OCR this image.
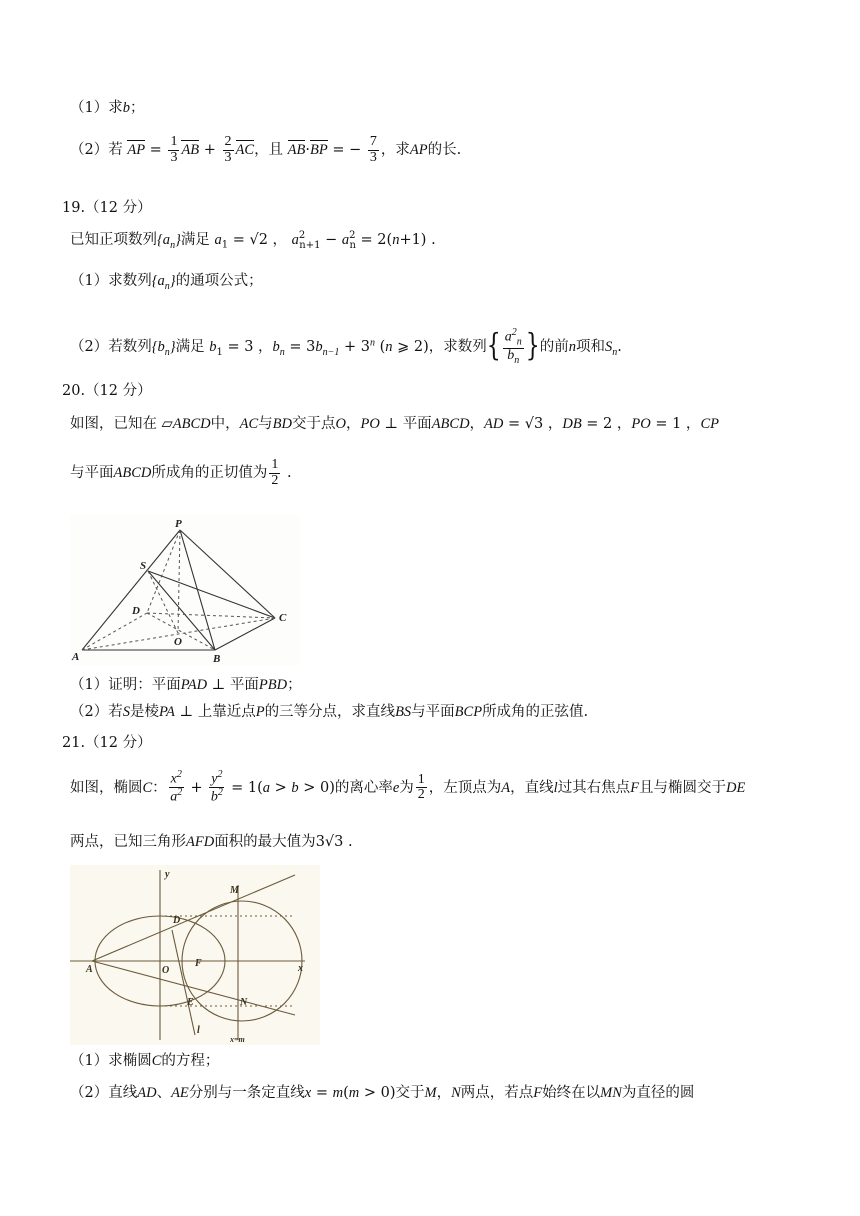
（1）求b；
（2）若 AP = $\frac{1}{3}$ AB + $\frac{2}{3}$ AC，且 AB·BP = − $\frac{7}{3}$ ，求AP的长.
19.（12 分）
已知正项数列$\{a_n\}$满足 $a_1 = √2$ ， $a^2_{n+1} - a^2_n = 2(n+1)$ .
（1）求数列$\{a_n\}$的通项公式；
（2）若数列$\{b_n\}$满足 $b_1 = 3$ ，$b_n = 3b_{n-1} + 3^n$ (n ⩾ 2)，求数列{ $\frac{a^2_n}{b_n}$ }的前n项和$S_n$.
20.（12 分）
如图，已知在 ▱ABCD中，AC与BD交于点O，PO ⊥ 平面ABCD，AD = √3 ，DB = 2 ，PO = 1 ，CP
与平面ABCD所成角的正切值为 $\frac{1}{2}$ .
P
S
D
C
O
A	B
（1）证明：平面PAD ⊥ 平面PBD；
（2）若S是棱PA ⊥ 上靠近点P的三等分点，求直线BS与平面BCP所成角的正弦值.
21.（12 分）
如图，椭圆C： $\frac{x^2}{a^2} + \frac{y^2}{b^2} = 1(a > b > 0)$的离心率e为 $\frac{1}{2}$ ，左顶点为A，直线l过其右焦点F且与椭圆交于DE
两点，已知三角形AFD面积的最大值为3√3 .
y
M
D
A	O
F	x
E	N
l
x=m
（1）求椭圆C的方程；
（2）直线AD、AE分别与一条定直线x = m(m > 0)交于M，N两点，若点F始终在以MN为直径的圆
